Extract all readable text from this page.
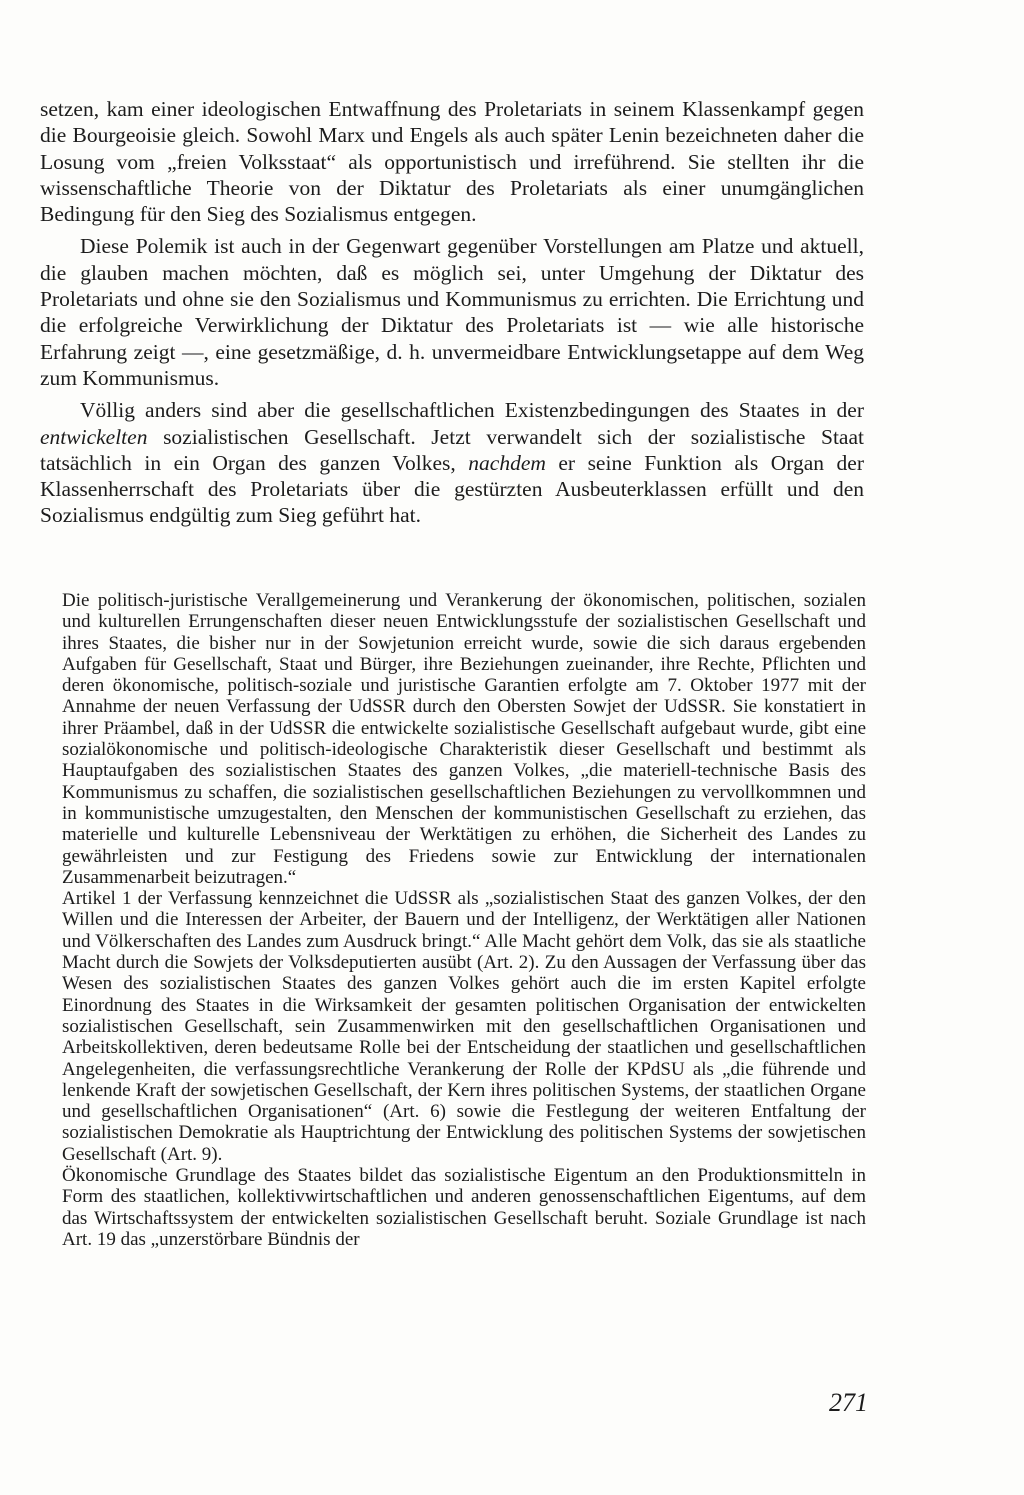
setzen, kam einer ideologischen Entwaffnung des Proletariats in seinem Klassenkampf gegen die Bourgeoisie gleich. Sowohl Marx und Engels als auch später Lenin bezeichneten daher die Losung vom „freien Volksstaat“ als opportunistisch und irreführend. Sie stellten ihr die wissenschaftliche Theorie von der Diktatur des Proletariats als einer unumgänglichen Bedingung für den Sieg des Sozialismus entgegen.

Diese Polemik ist auch in der Gegenwart gegenüber Vorstellungen am Platze und aktuell, die glauben machen möchten, daß es möglich sei, unter Umgehung der Diktatur des Proletariats und ohne sie den Sozialismus und Kommunismus zu errichten. Die Errichtung und die erfolgreiche Verwirklichung der Diktatur des Proletariats ist — wie alle historische Erfahrung zeigt —, eine gesetzmäßige, d. h. unvermeidbare Entwicklungsetappe auf dem Weg zum Kommunismus.

Völlig anders sind aber die gesellschaftlichen Existenzbedingungen des Staates in der entwickelten sozialistischen Gesellschaft. Jetzt verwandelt sich der sozialistische Staat tatsächlich in ein Organ des ganzen Volkes, nachdem er seine Funktion als Organ der Klassenherrschaft des Proletariats über die gestürzten Ausbeuterklassen erfüllt und den Sozialismus endgültig zum Sieg geführt hat.

Die politisch-juristische Verallgemeinerung und Verankerung der ökonomischen, politischen, sozialen und kulturellen Errungenschaften dieser neuen Entwicklungsstufe der sozialistischen Gesellschaft und ihres Staates, die bisher nur in der Sowjetunion erreicht wurde, sowie die sich daraus ergebenden Aufgaben für Gesellschaft, Staat und Bürger, ihre Beziehungen zueinander, ihre Rechte, Pflichten und deren ökonomische, politisch-soziale und juristische Garantien erfolgte am 7. Oktober 1977 mit der Annahme der neuen Verfassung der UdSSR durch den Obersten Sowjet der UdSSR. Sie konstatiert in ihrer Präambel, daß in der UdSSR die entwickelte sozialistische Gesellschaft aufgebaut wurde, gibt eine sozialökonomische und politisch-ideologische Charakteristik dieser Gesellschaft und bestimmt als Hauptaufgaben des sozialistischen Staates des ganzen Volkes, „die materiell-technische Basis des Kommunismus zu schaffen, die sozialistischen gesellschaftlichen Beziehungen zu vervollkommnen und in kommunistische umzugestalten, den Menschen der kommunistischen Gesellschaft zu erziehen, das materielle und kulturelle Lebensniveau der Werktätigen zu erhöhen, die Sicherheit des Landes zu gewährleisten und zur Festigung des Friedens sowie zur Entwicklung der internationalen Zusammenarbeit beizutragen.“

Artikel 1 der Verfassung kennzeichnet die UdSSR als „sozialistischen Staat des ganzen Volkes, der den Willen und die Interessen der Arbeiter, der Bauern und der Intelligenz, der Werktätigen aller Nationen und Völkerschaften des Landes zum Ausdruck bringt.“ Alle Macht gehört dem Volk, das sie als staatliche Macht durch die Sowjets der Volksdeputierten ausübt (Art. 2). Zu den Aussagen der Verfassung über das Wesen des sozialistischen Staates des ganzen Volkes gehört auch die im ersten Kapitel erfolgte Einordnung des Staates in die Wirksamkeit der gesamten politischen Organisation der entwickelten sozialistischen Gesellschaft, sein Zusammenwirken mit den gesellschaftlichen Organisationen und Arbeitskollektiven, deren bedeutsame Rolle bei der Entscheidung der staatlichen und gesellschaftlichen Angelegenheiten, die verfassungsrechtliche Verankerung der Rolle der KPdSU als „die führende und lenkende Kraft der sowjetischen Gesellschaft, der Kern ihres politischen Systems, der staatlichen Organe und gesellschaftlichen Organisationen“ (Art. 6) sowie die Festlegung der weiteren Entfaltung der sozialistischen Demokratie als Hauptrichtung der Entwicklung des politischen Systems der sowjetischen Gesellschaft (Art. 9).

Ökonomische Grundlage des Staates bildet das sozialistische Eigentum an den Produktionsmitteln in Form des staatlichen, kollektivwirtschaftlichen und anderen genossenschaftlichen Eigentums, auf dem das Wirtschaftssystem der entwickelten sozialistischen Gesellschaft beruht. Soziale Grundlage ist nach Art. 19 das „unzerstörbare Bündnis der

271
